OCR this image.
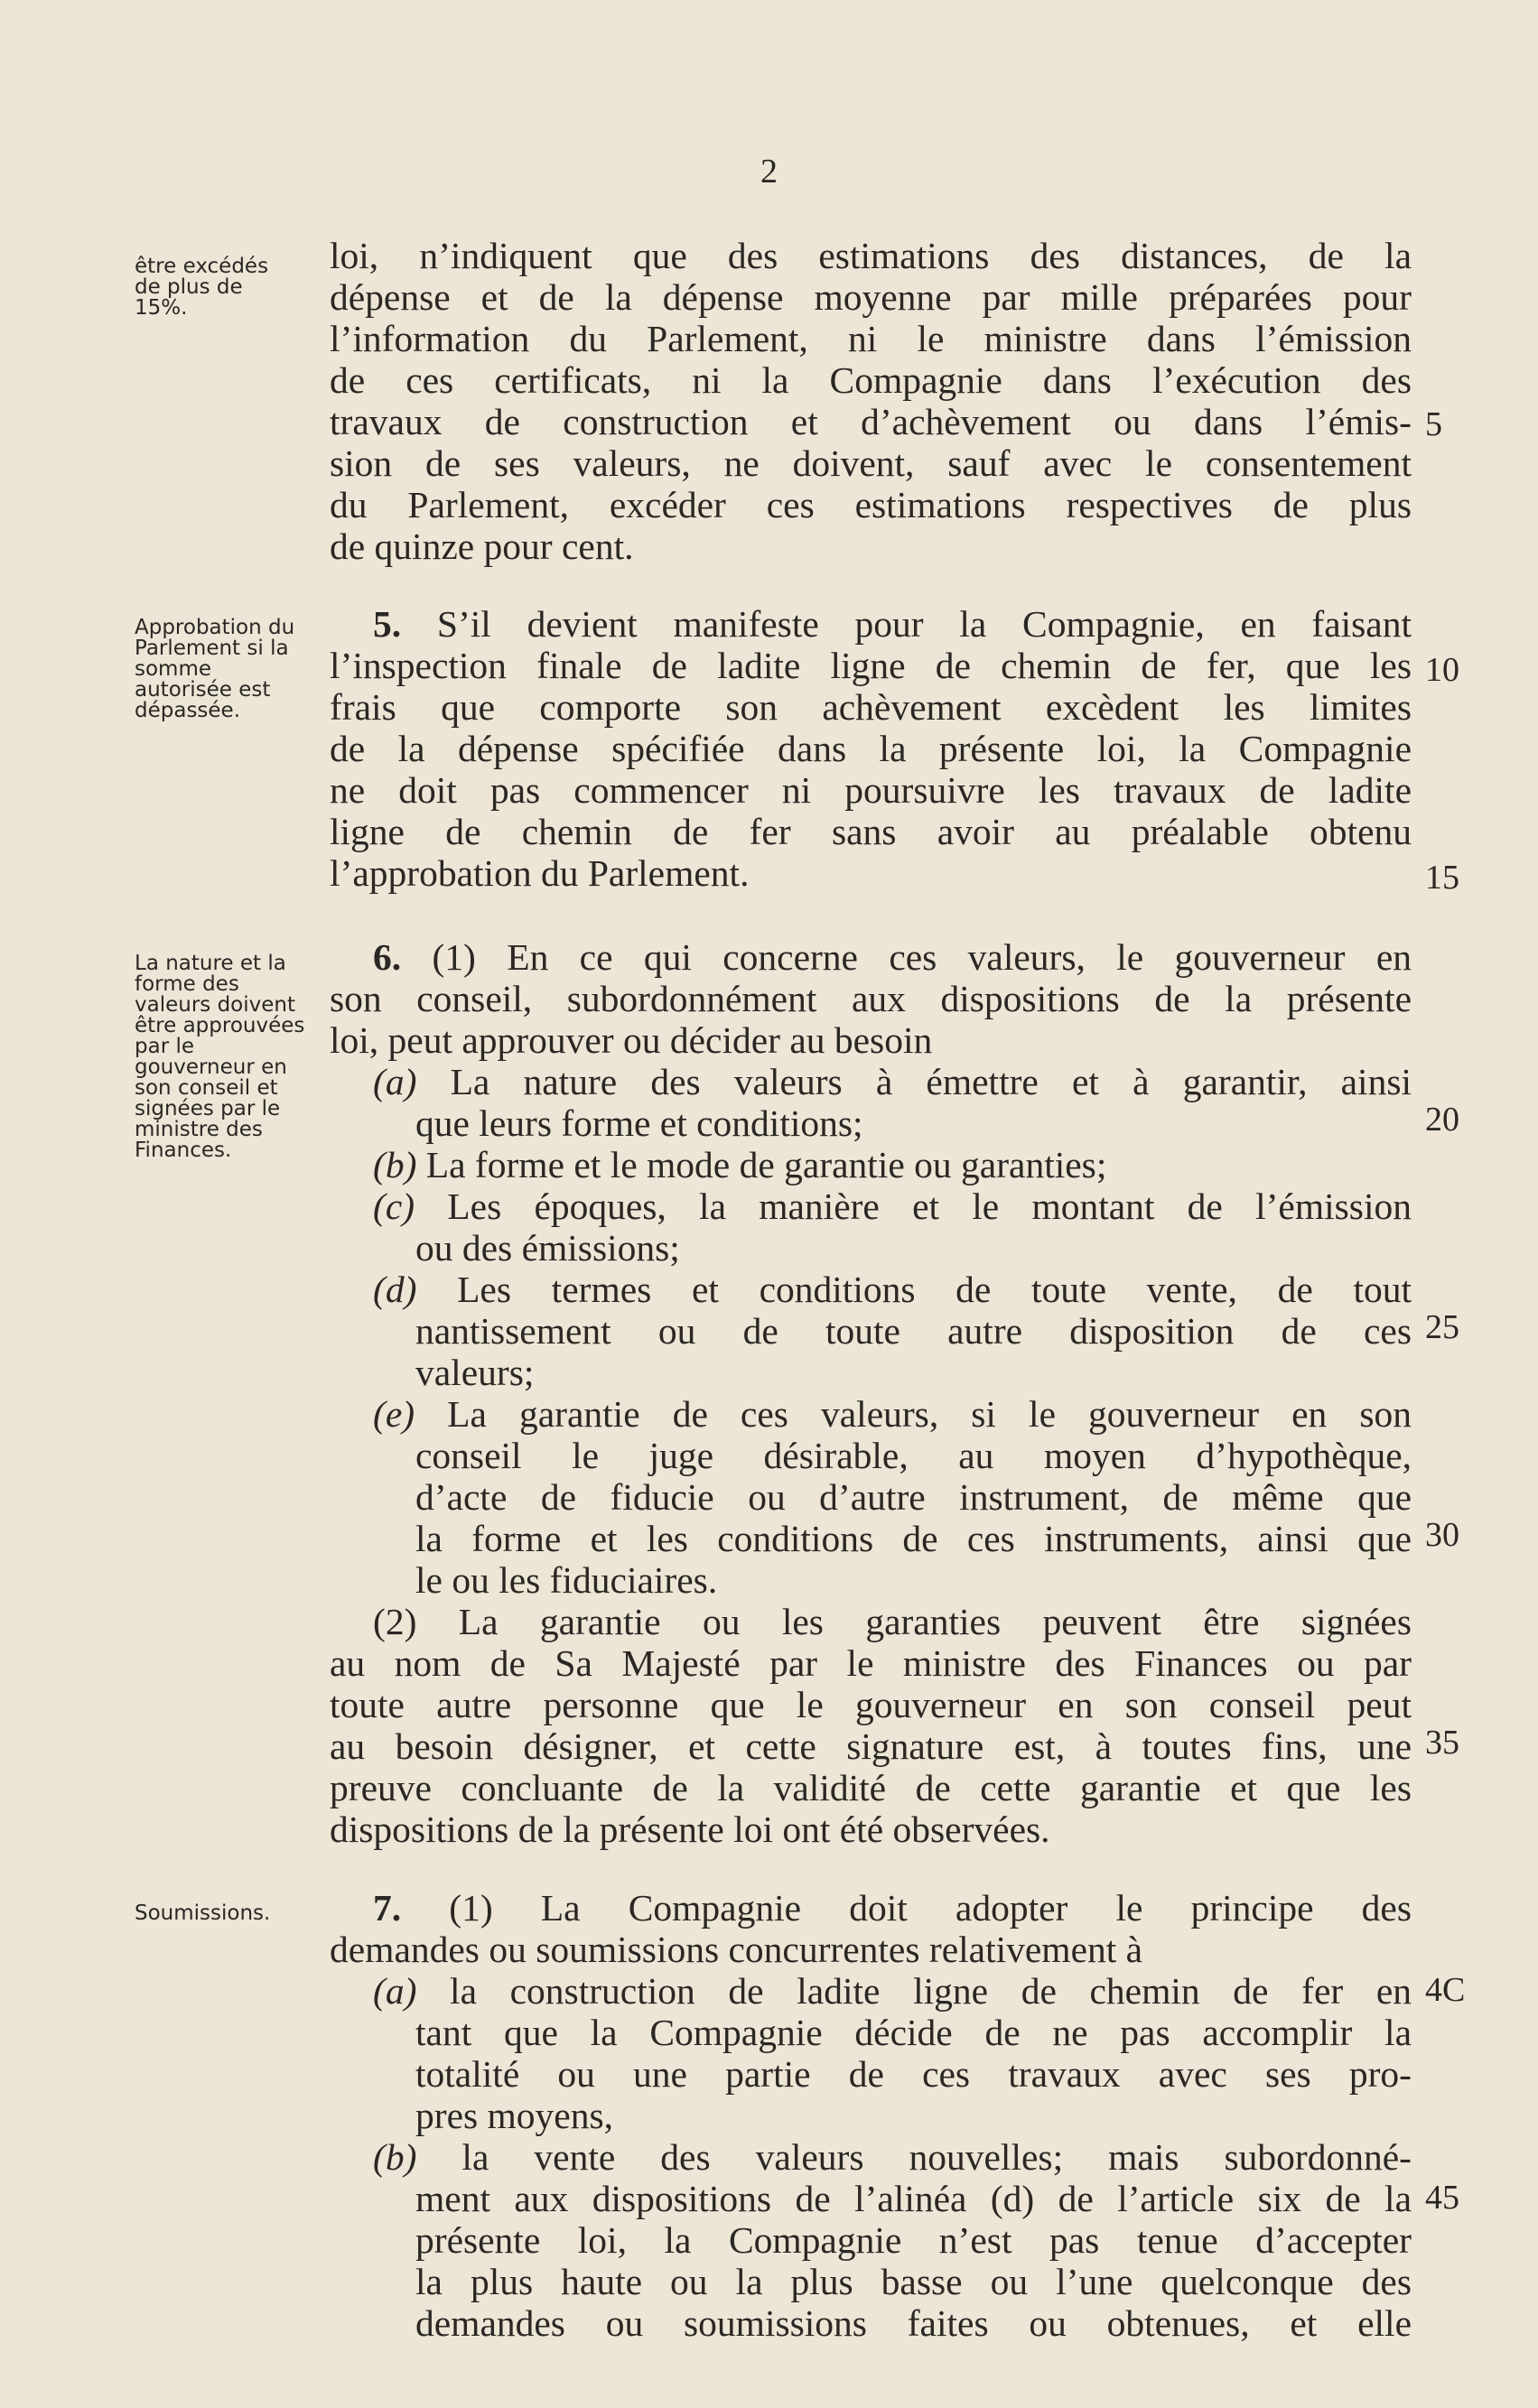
2
être excédés de plus de 15%.
loi, n’indiquent que des estimations des distances, de la
dépense et de la dépense moyenne par mille préparées pour
l’information du Parlement, ni le ministre dans l’émission
de ces certificats, ni la Compagnie dans l’exécution des
travaux de construction et d’achèvement ou dans l’émis-
sion de ses valeurs, ne doivent, sauf avec le consentement
du Parlement, excéder ces estimations respectives de plus
de quinze pour cent.
5
Approbation du Parlement si la somme autorisée est dépassée.
5. S’il devient manifeste pour la Compagnie, en faisant
l’inspection finale de ladite ligne de chemin de fer, que les
frais que comporte son achèvement excèdent les limites
de la dépense spécifiée dans la présente loi, la Compagnie
ne doit pas commencer ni poursuivre les travaux de ladite
ligne de chemin de fer sans avoir au préalable obtenu
l’approbation du Parlement.
10
15
La nature et la forme des valeurs doivent être approuvées par le gouverneur en son conseil et signées par le ministre des Finances.
6. (1) En ce qui concerne ces valeurs, le gouverneur en
son conseil, subordonnément aux dispositions de la présente
loi, peut approuver ou décider au besoin
(a) La nature des valeurs à émettre et à garantir, ainsi
que leurs forme et conditions;
(b) La forme et le mode de garantie ou garanties;
(c) Les époques, la manière et le montant de l’émission
ou des émissions;
(d) Les termes et conditions de toute vente, de tout
nantissement ou de toute autre disposition de ces
valeurs;
(e) La garantie de ces valeurs, si le gouverneur en son
conseil le juge désirable, au moyen d’hypothèque,
d’acte de fiducie ou d’autre instrument, de même que
la forme et les conditions de ces instruments, ainsi que
le ou les fiduciaires.
(2) La garantie ou les garanties peuvent être signées
au nom de Sa Majesté par le ministre des Finances ou par
toute autre personne que le gouverneur en son conseil peut
au besoin désigner, et cette signature est, à toutes fins, une
preuve concluante de la validité de cette garantie et que les
dispositions de la présente loi ont été observées.
20
25
30
35
Soumissions.	7. (1) La Compagnie doit adopter le principe des
demandes ou soumissions concurrentes relativement à
(a) la construction de ladite ligne de chemin de fer en
tant que la Compagnie décide de ne pas accomplir la
totalité ou une partie de ces travaux avec ses pro-
pres moyens,
(b) la vente des valeurs nouvelles; mais subordonné-
ment aux dispositions de l’alinéa (d) de l’article six de la
présente loi, la Compagnie n’est pas tenue d’accepter
la plus haute ou la plus basse ou l’une quelconque des
demandes ou soumissions faites ou obtenues, et elle
4C
45
